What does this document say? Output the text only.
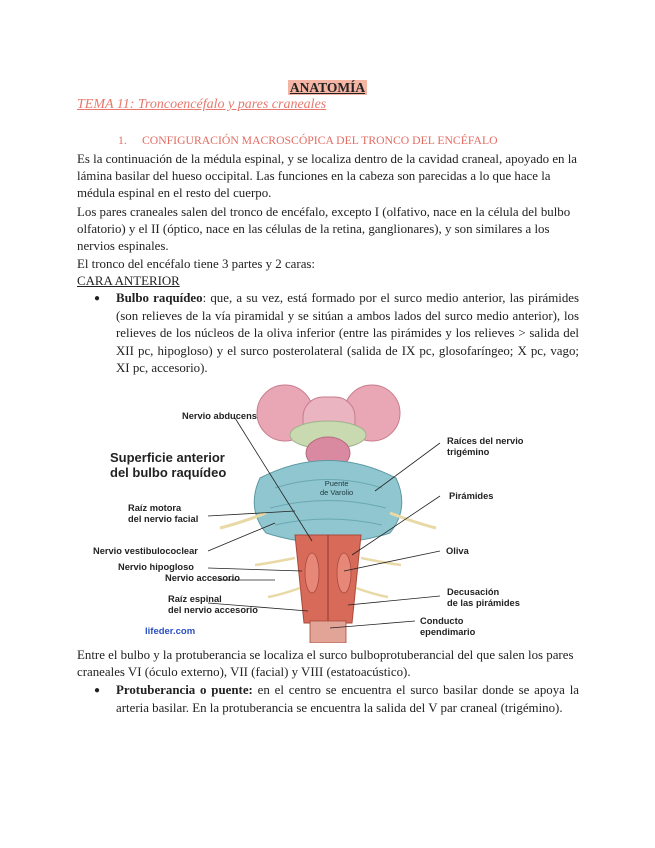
ANATOMÍA
TEMA 11: Troncoencéfalo y pares craneales
1. CONFIGURACIÓN MACROSCÓPICA DEL TRONCO DEL ENCÉFALO
Es la continuación de la médula espinal, y se localiza dentro de la cavidad craneal, apoyado en la lámina basilar del hueso occipital. Las funciones en la cabeza son parecidas a lo que hace la médula espinal en el resto del cuerpo.
Los pares craneales salen del tronco de encéfalo, excepto I (olfativo, nace en la célula del bulbo olfatorio) y el II (óptico, nace en las células de la retina, ganglionares), y son similares a los nervios espinales.
El tronco del encéfalo tiene 3 partes y 2 caras:
CARA ANTERIOR
● Bulbo raquídeo: que, a su vez, está formado por el surco medio anterior, las pirámides (son relieves de la vía piramidal y se sitúan a ambos lados del surco medio anterior), los relieves de los núcleos de la oliva inferior (entre las pirámides y los relieves > salida del XII pc, hipogloso) y el surco posterolateral (salida de IX pc, glosofaríngeo; X pc, vago; XI pc, accesorio).
Superficie anterior
del bulbo raquídeo
Puente
de Varolio
Nervio abducens
Raíz motora
del nervio facial
Nervio vestibulococlear
Nervio hipogloso
Nervio accesorio
Raíz espinal
del nervio accesorio
lifeder.com
Raíces del nervio
trigémino
Pirámides
Oliva
Decusación
de las pirámides
Conducto
ependimario
Entre el bulbo y la protuberancia se localiza el surco bulboprotuberancial del que salen los pares craneales VI (óculo externo), VII (facial) y VIII (estatoacústico).
● Protuberancia o puente: en el centro se encuentra el surco basilar donde se apoya la arteria basilar. En la protuberancia se encuentra la salida del V par craneal (trigémino).
